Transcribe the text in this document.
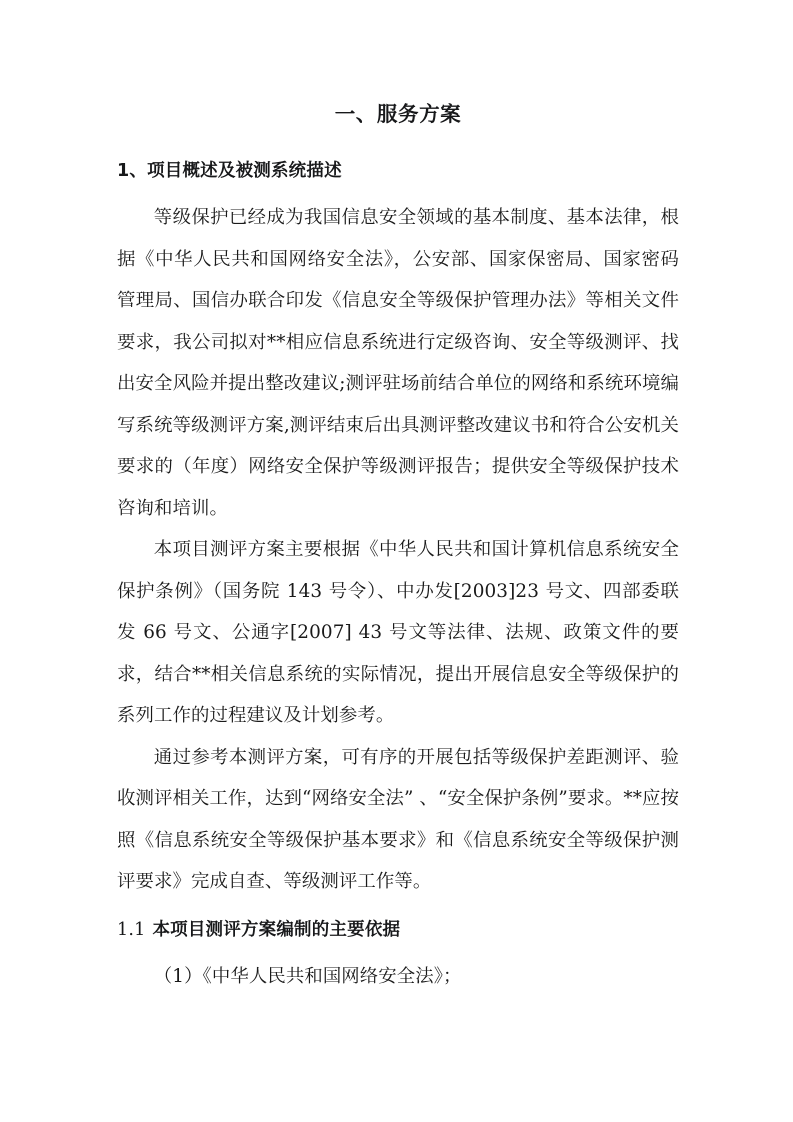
一、服务方案
1、项目概述及被测系统描述

等级保护已经成为我国信息安全领域的基本制度、基本法律，根据《中华人民共和国网络安全法》，公安部、国家保密局、国家密码管理局、国信办联合印发《信息安全等级保护管理办法》等相关文件要求，我公司拟对**相应信息系统进行定级咨询、安全等级测评、找出安全风险并提出整改建议;测评驻场前结合单位的网络和系统环境编写系统等级测评方案,测评结束后出具测评整改建议书和符合公安机关要求的（年度）网络安全保护等级测评报告；提供安全等级保护技术咨询和培训。

本项目测评方案主要根据《中华人民共和国计算机信息系统安全保护条例》（国务院 143 号令）、中办发[2003]23 号文、四部委联发 66 号文、公通字[2007] 43 号文等法律、法规、政策文件的要求，结合**相关信息系统的实际情况，提出开展信息安全等级保护的系列工作的过程建议及计划参考。

通过参考本测评方案，可有序的开展包括等级保护差距测评、验收测评相关工作，达到“网络安全法” 、“安全保护条例”要求。**应按照《信息系统安全等级保护基本要求》和《信息系统安全等级保护测评要求》完成自查、等级测评工作等。

1.1 本项目测评方案编制的主要依据

（1）《中华人民共和国网络安全法》；
